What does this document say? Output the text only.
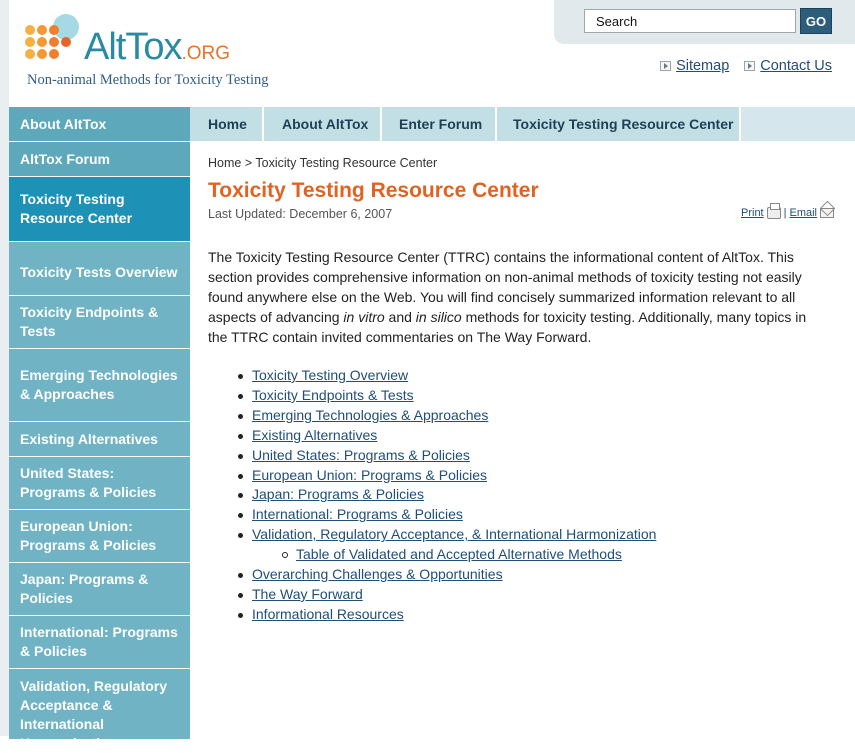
AltTox.ORG
Non-animal Methods for Toxicity Testing
Search	GO
Sitemap Contact Us
About AltTox
AltTox Forum
Toxicity Testing Resource Center
Toxicity Tests Overview
Toxicity Endpoints & Tests
Emerging Technologies & Approaches
Existing Alternatives
United States: Programs & Policies
European Union: Programs & Policies
Japan: Programs & Policies
International: Programs & Policies
Validation, Regulatory Acceptance & International Harmonization
Home	About AltTox	Enter Forum	Toxicity Testing Resource Center
Home > Toxicity Testing Resource Center
Toxicity Testing Resource Center
Last Updated: December 6, 2007	Print | Email
The Toxicity Testing Resource Center (TTRC) contains the informational content of AltTox. This section provides comprehensive information on non-animal methods of toxicity testing not easily found anywhere else on the Web. You will find concisely summarized information relevant to all aspects of advancing in vitro and in silico methods for toxicity testing. Additionally, many topics in the TTRC contain invited commentaries on The Way Forward.
Toxicity Testing Overview
Toxicity Endpoints & Tests
Emerging Technologies & Approaches
Existing Alternatives
United States: Programs & Policies
European Union: Programs & Policies
Japan: Programs & Policies
International: Programs & Policies
Validation, Regulatory Acceptance, & International Harmonization
Table of Validated and Accepted Alternative Methods
Overarching Challenges & Opportunities
The Way Forward
Informational Resources
